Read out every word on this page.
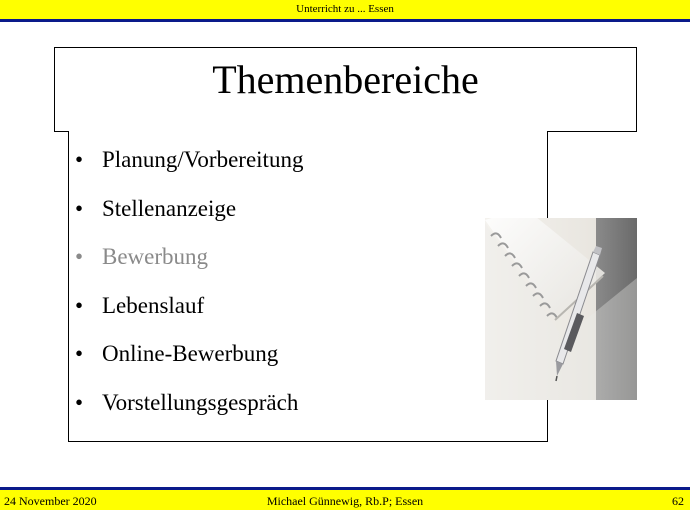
Unterricht zu ... Essen
Themenbereiche
• Planung/Vorbereitung
• Stellenanzeige
• Bewerbung
• Lebenslauf
• Online-Bewerbung
• Vorstellungsgespräch
24 November 2020	Michael Günnewig, Rb.P; Essen	62
